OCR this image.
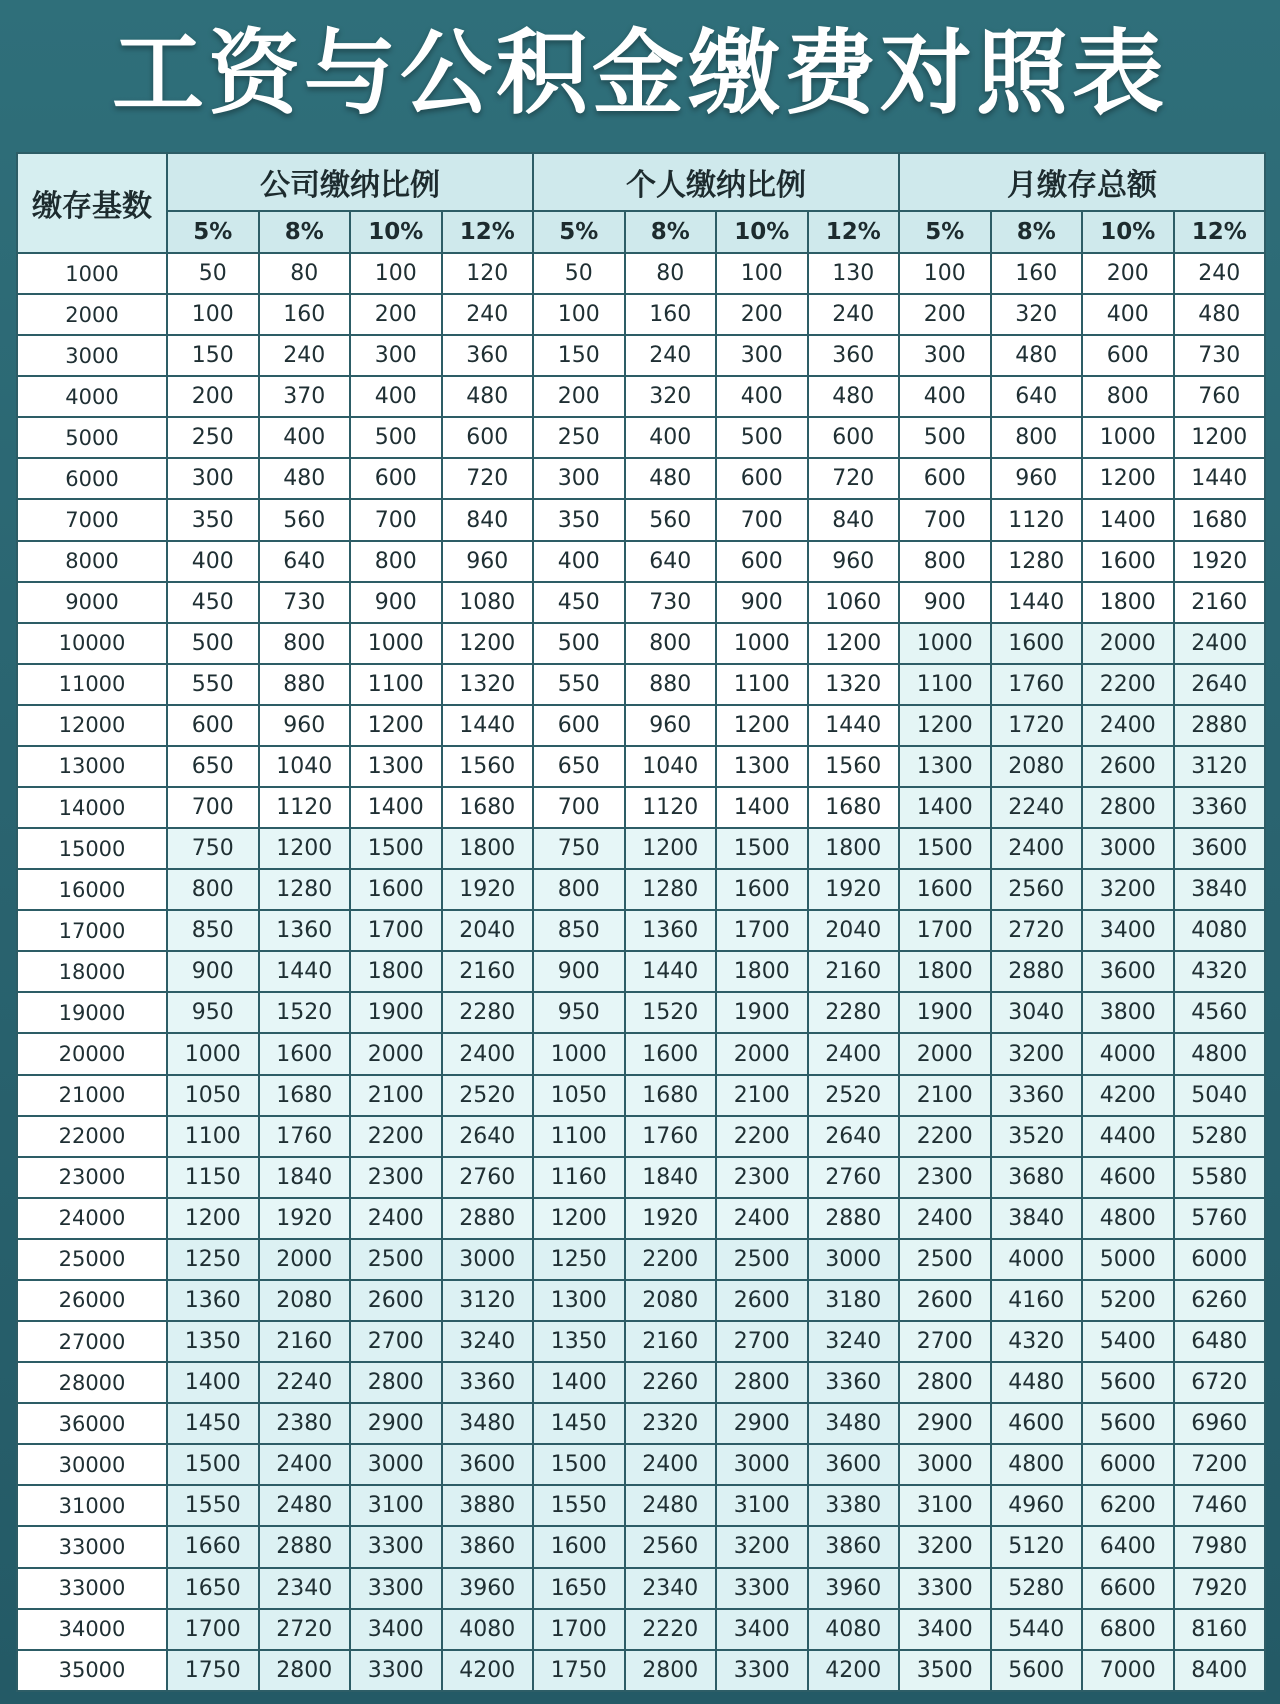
工资与公积金缴费对照表
缴存基数	公司缴纳比例				个人缴纳比例				月缴存总额			
	5%	8%	10%	12%	5%	8%	10%	12%	5%	8%	10%	12%
1000	50	80	100	120	50	80	100	130	100	160	200	240
2000	100	160	200	240	100	160	200	240	200	320	400	480
3000	150	240	300	360	150	240	300	360	300	480	600	730
4000	200	370	400	480	200	320	400	480	400	640	800	760
5000	250	400	500	600	250	400	500	600	500	800	1000	1200
6000	300	480	600	720	300	480	600	720	600	960	1200	1440
7000	350	560	700	840	350	560	700	840	700	1120	1400	1680
8000	400	640	800	960	400	640	600	960	800	1280	1600	1920
9000	450	730	900	1080	450	730	900	1060	900	1440	1800	2160
10000	500	800	1000	1200	500	800	1000	1200	1000	1600	2000	2400
11000	550	880	1100	1320	550	880	1100	1320	1100	1760	2200	2640
12000	600	960	1200	1440	600	960	1200	1440	1200	1720	2400	2880
13000	650	1040	1300	1560	650	1040	1300	1560	1300	2080	2600	3120
14000	700	1120	1400	1680	700	1120	1400	1680	1400	2240	2800	3360
15000	750	1200	1500	1800	750	1200	1500	1800	1500	2400	3000	3600
16000	800	1280	1600	1920	800	1280	1600	1920	1600	2560	3200	3840
17000	850	1360	1700	2040	850	1360	1700	2040	1700	2720	3400	4080
18000	900	1440	1800	2160	900	1440	1800	2160	1800	2880	3600	4320
19000	950	1520	1900	2280	950	1520	1900	2280	1900	3040	3800	4560
20000	1000	1600	2000	2400	1000	1600	2000	2400	2000	3200	4000	4800
21000	1050	1680	2100	2520	1050	1680	2100	2520	2100	3360	4200	5040
22000	1100	1760	2200	2640	1100	1760	2200	2640	2200	3520	4400	5280
23000	1150	1840	2300	2760	1160	1840	2300	2760	2300	3680	4600	5580
24000	1200	1920	2400	2880	1200	1920	2400	2880	2400	3840	4800	5760
25000	1250	2000	2500	3000	1250	2200	2500	3000	2500	4000	5000	6000
26000	1360	2080	2600	3120	1300	2080	2600	3180	2600	4160	5200	6260
27000	1350	2160	2700	3240	1350	2160	2700	3240	2700	4320	5400	6480
28000	1400	2240	2800	3360	1400	2260	2800	3360	2800	4480	5600	6720
36000	1450	2380	2900	3480	1450	2320	2900	3480	2900	4600	5600	6960
30000	1500	2400	3000	3600	1500	2400	3000	3600	3000	4800	6000	7200
31000	1550	2480	3100	3880	1550	2480	3100	3380	3100	4960	6200	7460
33000	1660	2880	3300	3860	1600	2560	3200	3860	3200	5120	6400	7980
33000	1650	2340	3300	3960	1650	2340	3300	3960	3300	5280	6600	7920
34000	1700	2720	3400	4080	1700	2220	3400	4080	3400	5440	6800	8160
35000	1750	2800	3300	4200	1750	2800	3300	4200	3500	5600	7000	8400
